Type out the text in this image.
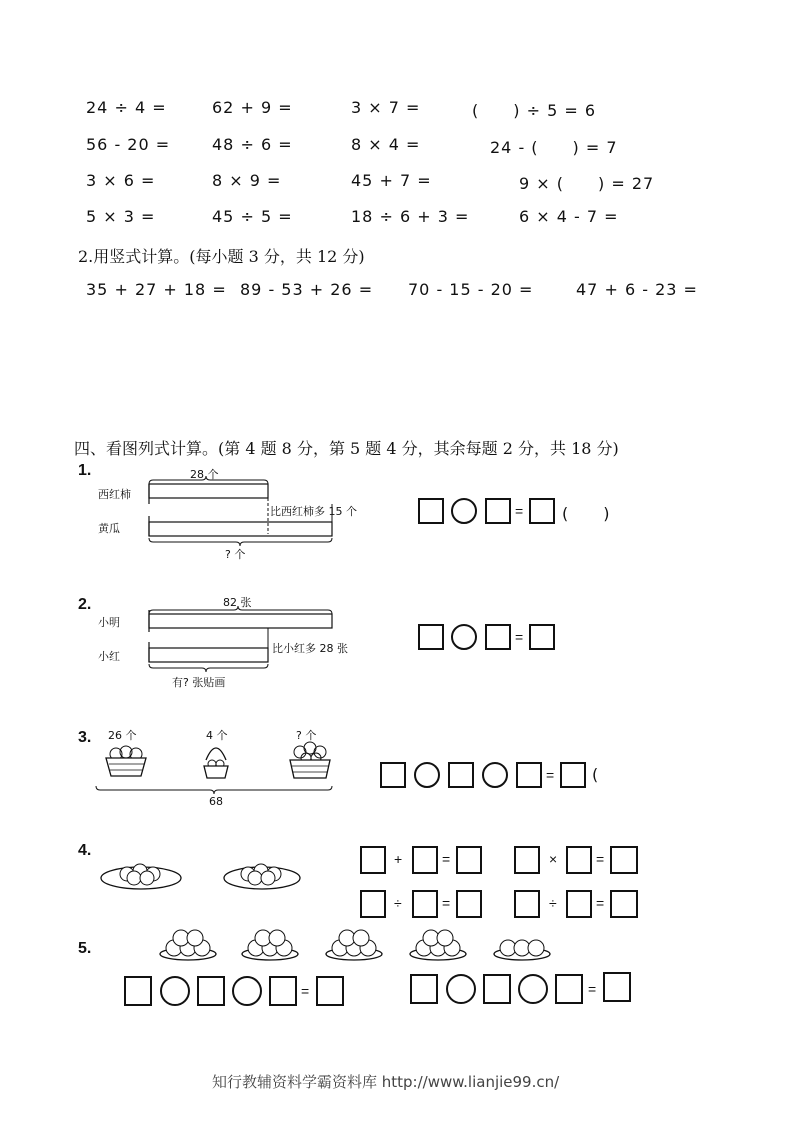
24 ÷ 4 =	62 + 9 =	3 × 7 =	(　　) ÷ 5 = 6
56 - 20 =	48 ÷ 6 =	8 × 4 =	24 - (　　) = 7
3 × 6 =	8 × 9 =	45 + 7 =	9 × (　　) = 27
5 × 3 =	45 ÷ 5 =	18 ÷ 6 + 3 =	6 × 4 - 7 =
2.用竖式计算。(每小题 3 分，共 12 分)
35 + 27 + 18 = 89 - 53 + 26 = 70 - 15 - 20 =	47 + 6 - 23 =
四、看图列式计算。(第 4 题 8 分，第 5 题 4 分，其余每题 2 分，共 18 分)
1.
西红柿
黄瓜
28 个
比西红柿多 15 个
? 个
= (　　)
2.
小明
小红
82 张
比小红多 28 张
有? 张贴画
=
3. 26 个	4 个	? 个
68
= (
4.	+	=	×	=
÷	=	÷	=
5.
=	=
知行教辅资料学霸资料库 http://www.lianjie99.cn/
